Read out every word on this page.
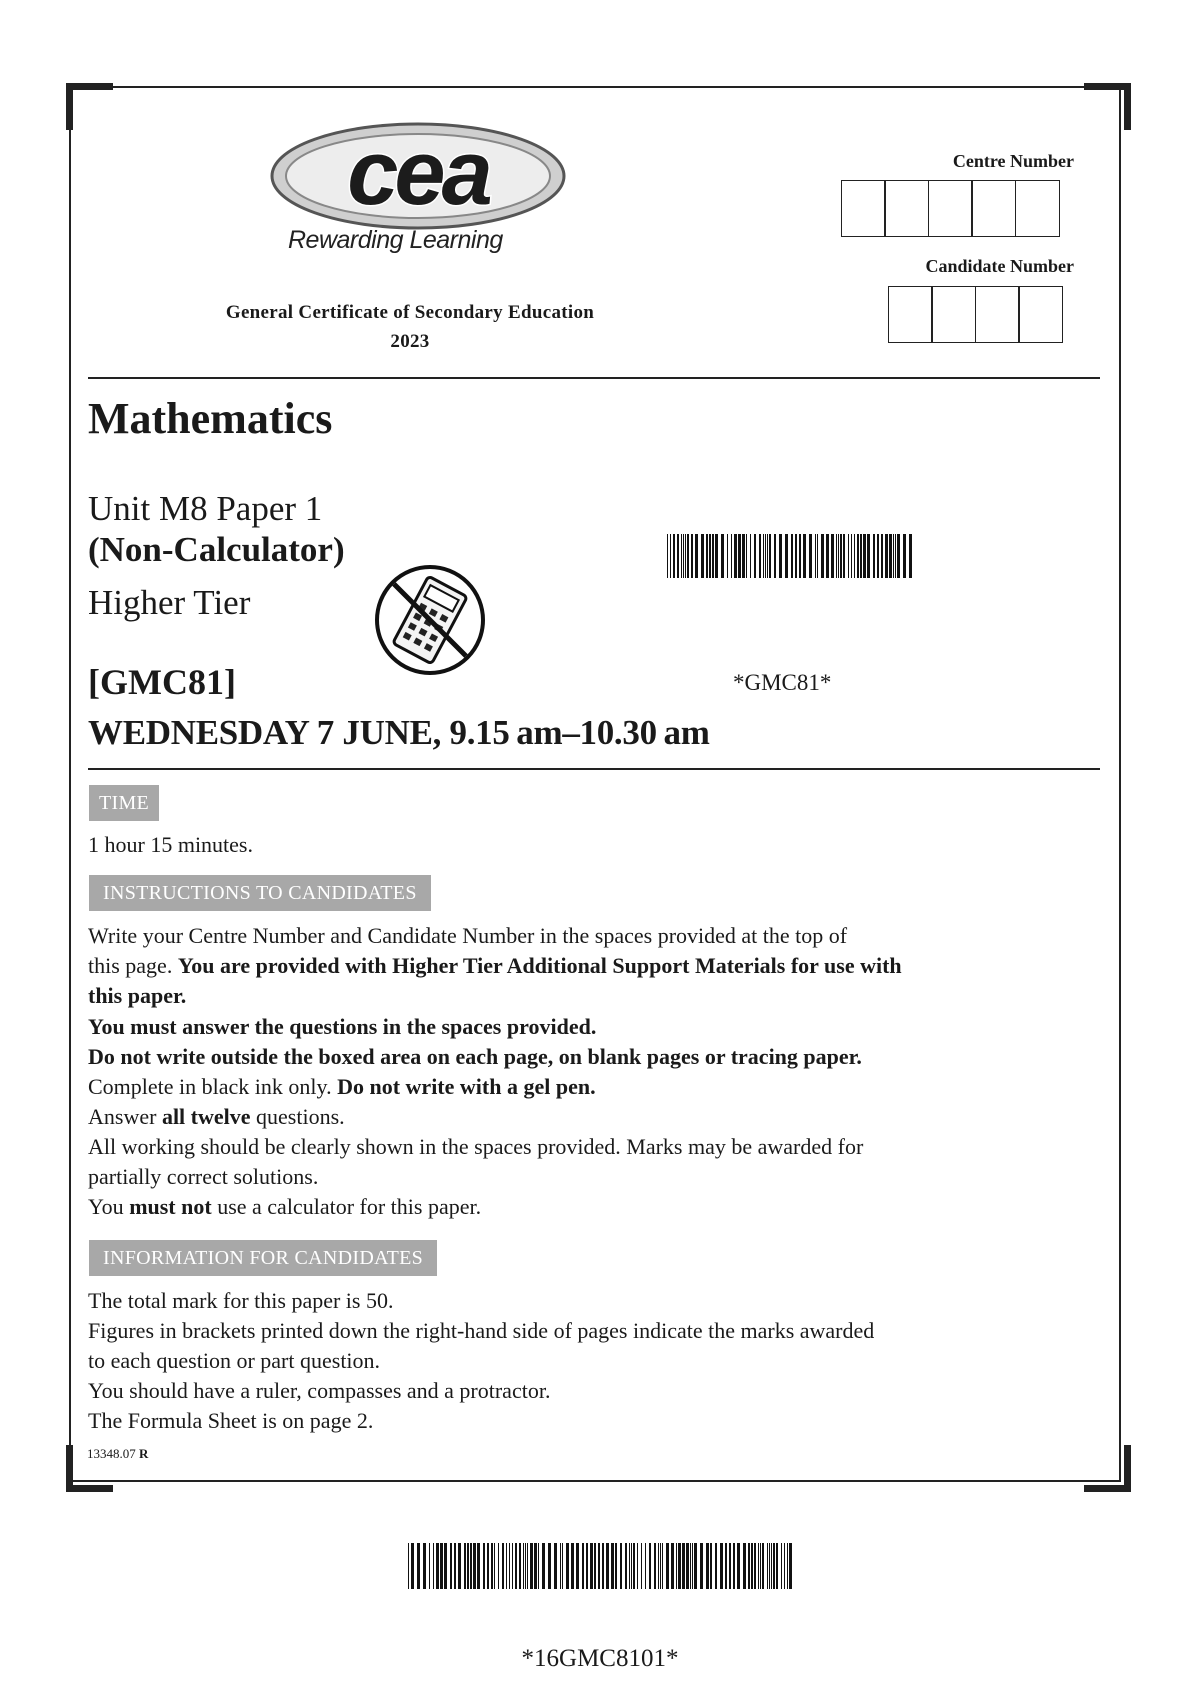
cea
Rewarding Learning
General Certificate of Secondary Education
2023
Centre Number
Candidate Number
Mathematics
Unit M8 Paper 1
(Non-Calculator)
Higher Tier
*GMC81*
[GMC81]
WEDNESDAY 7 JUNE, 9.15 am–10.30 am
TIME
1 hour 15 minutes.
INSTRUCTIONS TO CANDIDATES
Write your Centre Number and Candidate Number in the spaces provided at the top of
this page. You are provided with Higher Tier Additional Support Materials for use with
this paper.
You must answer the questions in the spaces provided.
Do not write outside the boxed area on each page, on blank pages or tracing paper.
Complete in black ink only. Do not write with a gel pen.
Answer all twelve questions.
All working should be clearly shown in the spaces provided. Marks may be awarded for
partially correct solutions.
You must not use a calculator for this paper.
INFORMATION FOR CANDIDATES
The total mark for this paper is 50.
Figures in brackets printed down the right-hand side of pages indicate the marks awarded
to each question or part question.
You should have a ruler, compasses and a protractor.
The Formula Sheet is on page 2.
13348.07 R
*16GMC8101*
